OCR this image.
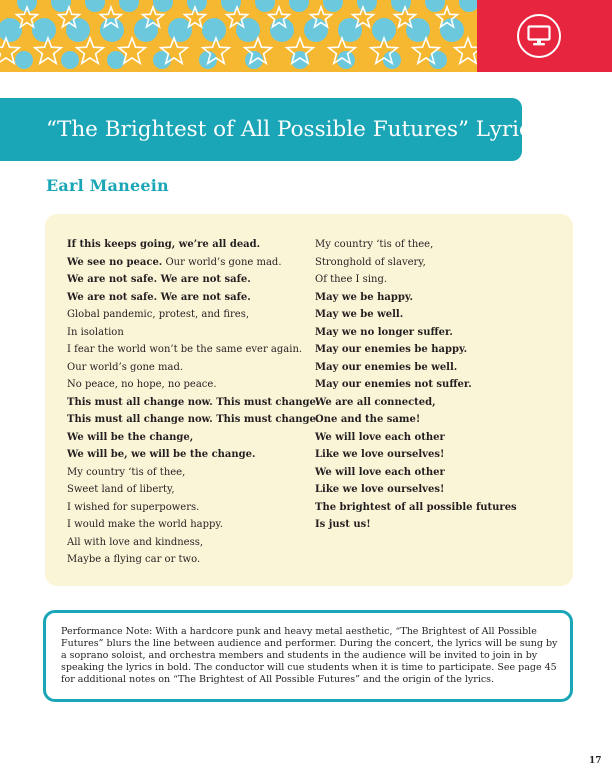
“The Brightest of All Possible Futures” Lyrics
Earl Maneein
If this keeps going, we’re all dead.
We see no peace. Our world’s gone mad.
We are not safe. We are not safe.
We are not safe. We are not safe.
Global pandemic, protest, and fires,
In isolation
I fear the world won’t be the same ever again.
Our world’s gone mad.
No peace, no hope, no peace.
This must all change now. This must change.
This must all change now. This must change.
We will be the change,
We will be, we will be the change.
My country ‘tis of thee,
Sweet land of liberty,
I wished for superpowers.
I would make the world happy.
All with love and kindness,
Maybe a flying car or two.
My country ‘tis of thee,
Stronghold of slavery,
Of thee I sing.
May we be happy.
May we be well.
May we no longer suffer.
May our enemies be happy.
May our enemies be well.
May our enemies not suffer.
We are all connected,
One and the same!
We will love each other
Like we love ourselves!
We will love each other
Like we love ourselves!
The brightest of all possible futures
Is just us!
Performance Note: With a hardcore punk and heavy metal aesthetic, “The Brightest of All Possible Futures” blurs the line between audience and performer. During the concert, the lyrics will be sung by a soprano soloist, and orchestra members and students in the audience will be invited to join in by speaking the lyrics in bold. The conductor will cue students when it is time to participate. See page 45 for additional notes on “The Brightest of All Possible Futures” and the origin of the lyrics.
17
